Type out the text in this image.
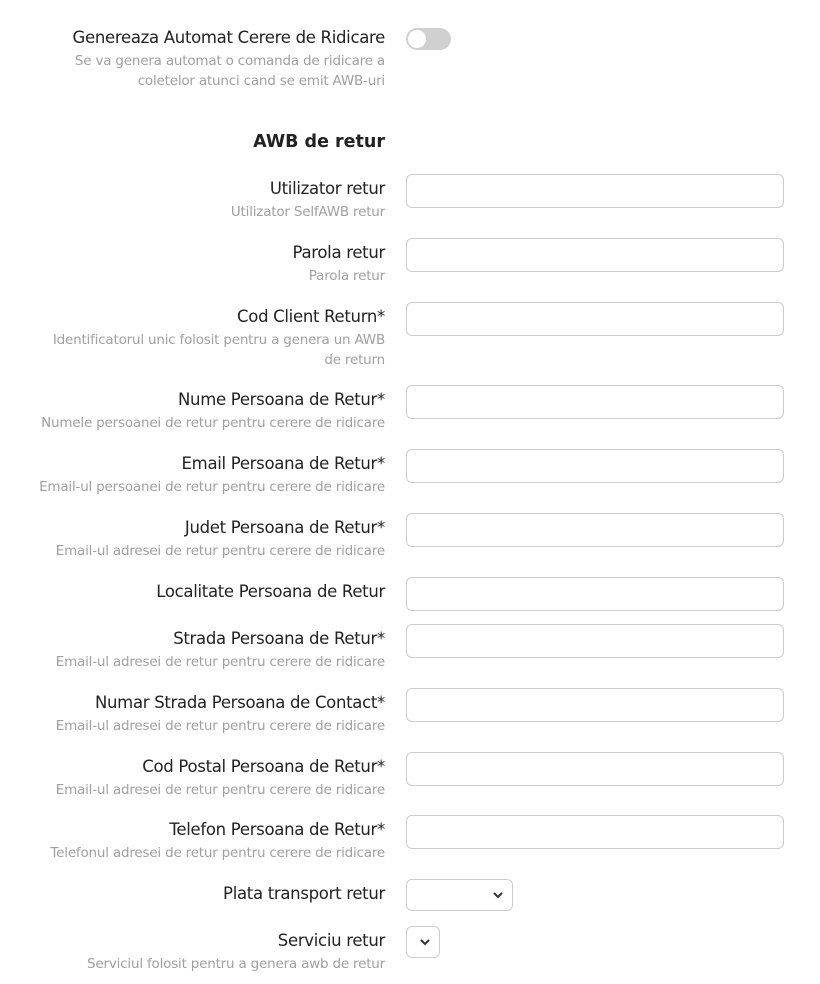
Genereaza Automat Cerere de Ridicare
Se va genera automat o comanda de ridicare a
coletelor atunci cand se emit AWB-uri
AWB de retur
Utilizator retur
Utilizator SelfAWB retur
Parola retur
Parola retur
Cod Client Return*
Identificatorul unic folosit pentru a genera un AWB
de return
Nume Persoana de Retur*
Numele persoanei de retur pentru cerere de ridicare
Email Persoana de Retur*
Email-ul persoanei de retur pentru cerere de ridicare
Judet Persoana de Retur*
Email-ul adresei de retur pentru cerere de ridicare
Localitate Persoana de Retur
Strada Persoana de Retur*
Email-ul adresei de retur pentru cerere de ridicare
Numar Strada Persoana de Contact*
Email-ul adresei de retur pentru cerere de ridicare
Cod Postal Persoana de Retur*
Email-ul adresei de retur pentru cerere de ridicare
Telefon Persoana de Retur*
Telefonul adresei de retur pentru cerere de ridicare
Plata transport retur
Serviciu retur
Serviciul folosit pentru a genera awb de retur
